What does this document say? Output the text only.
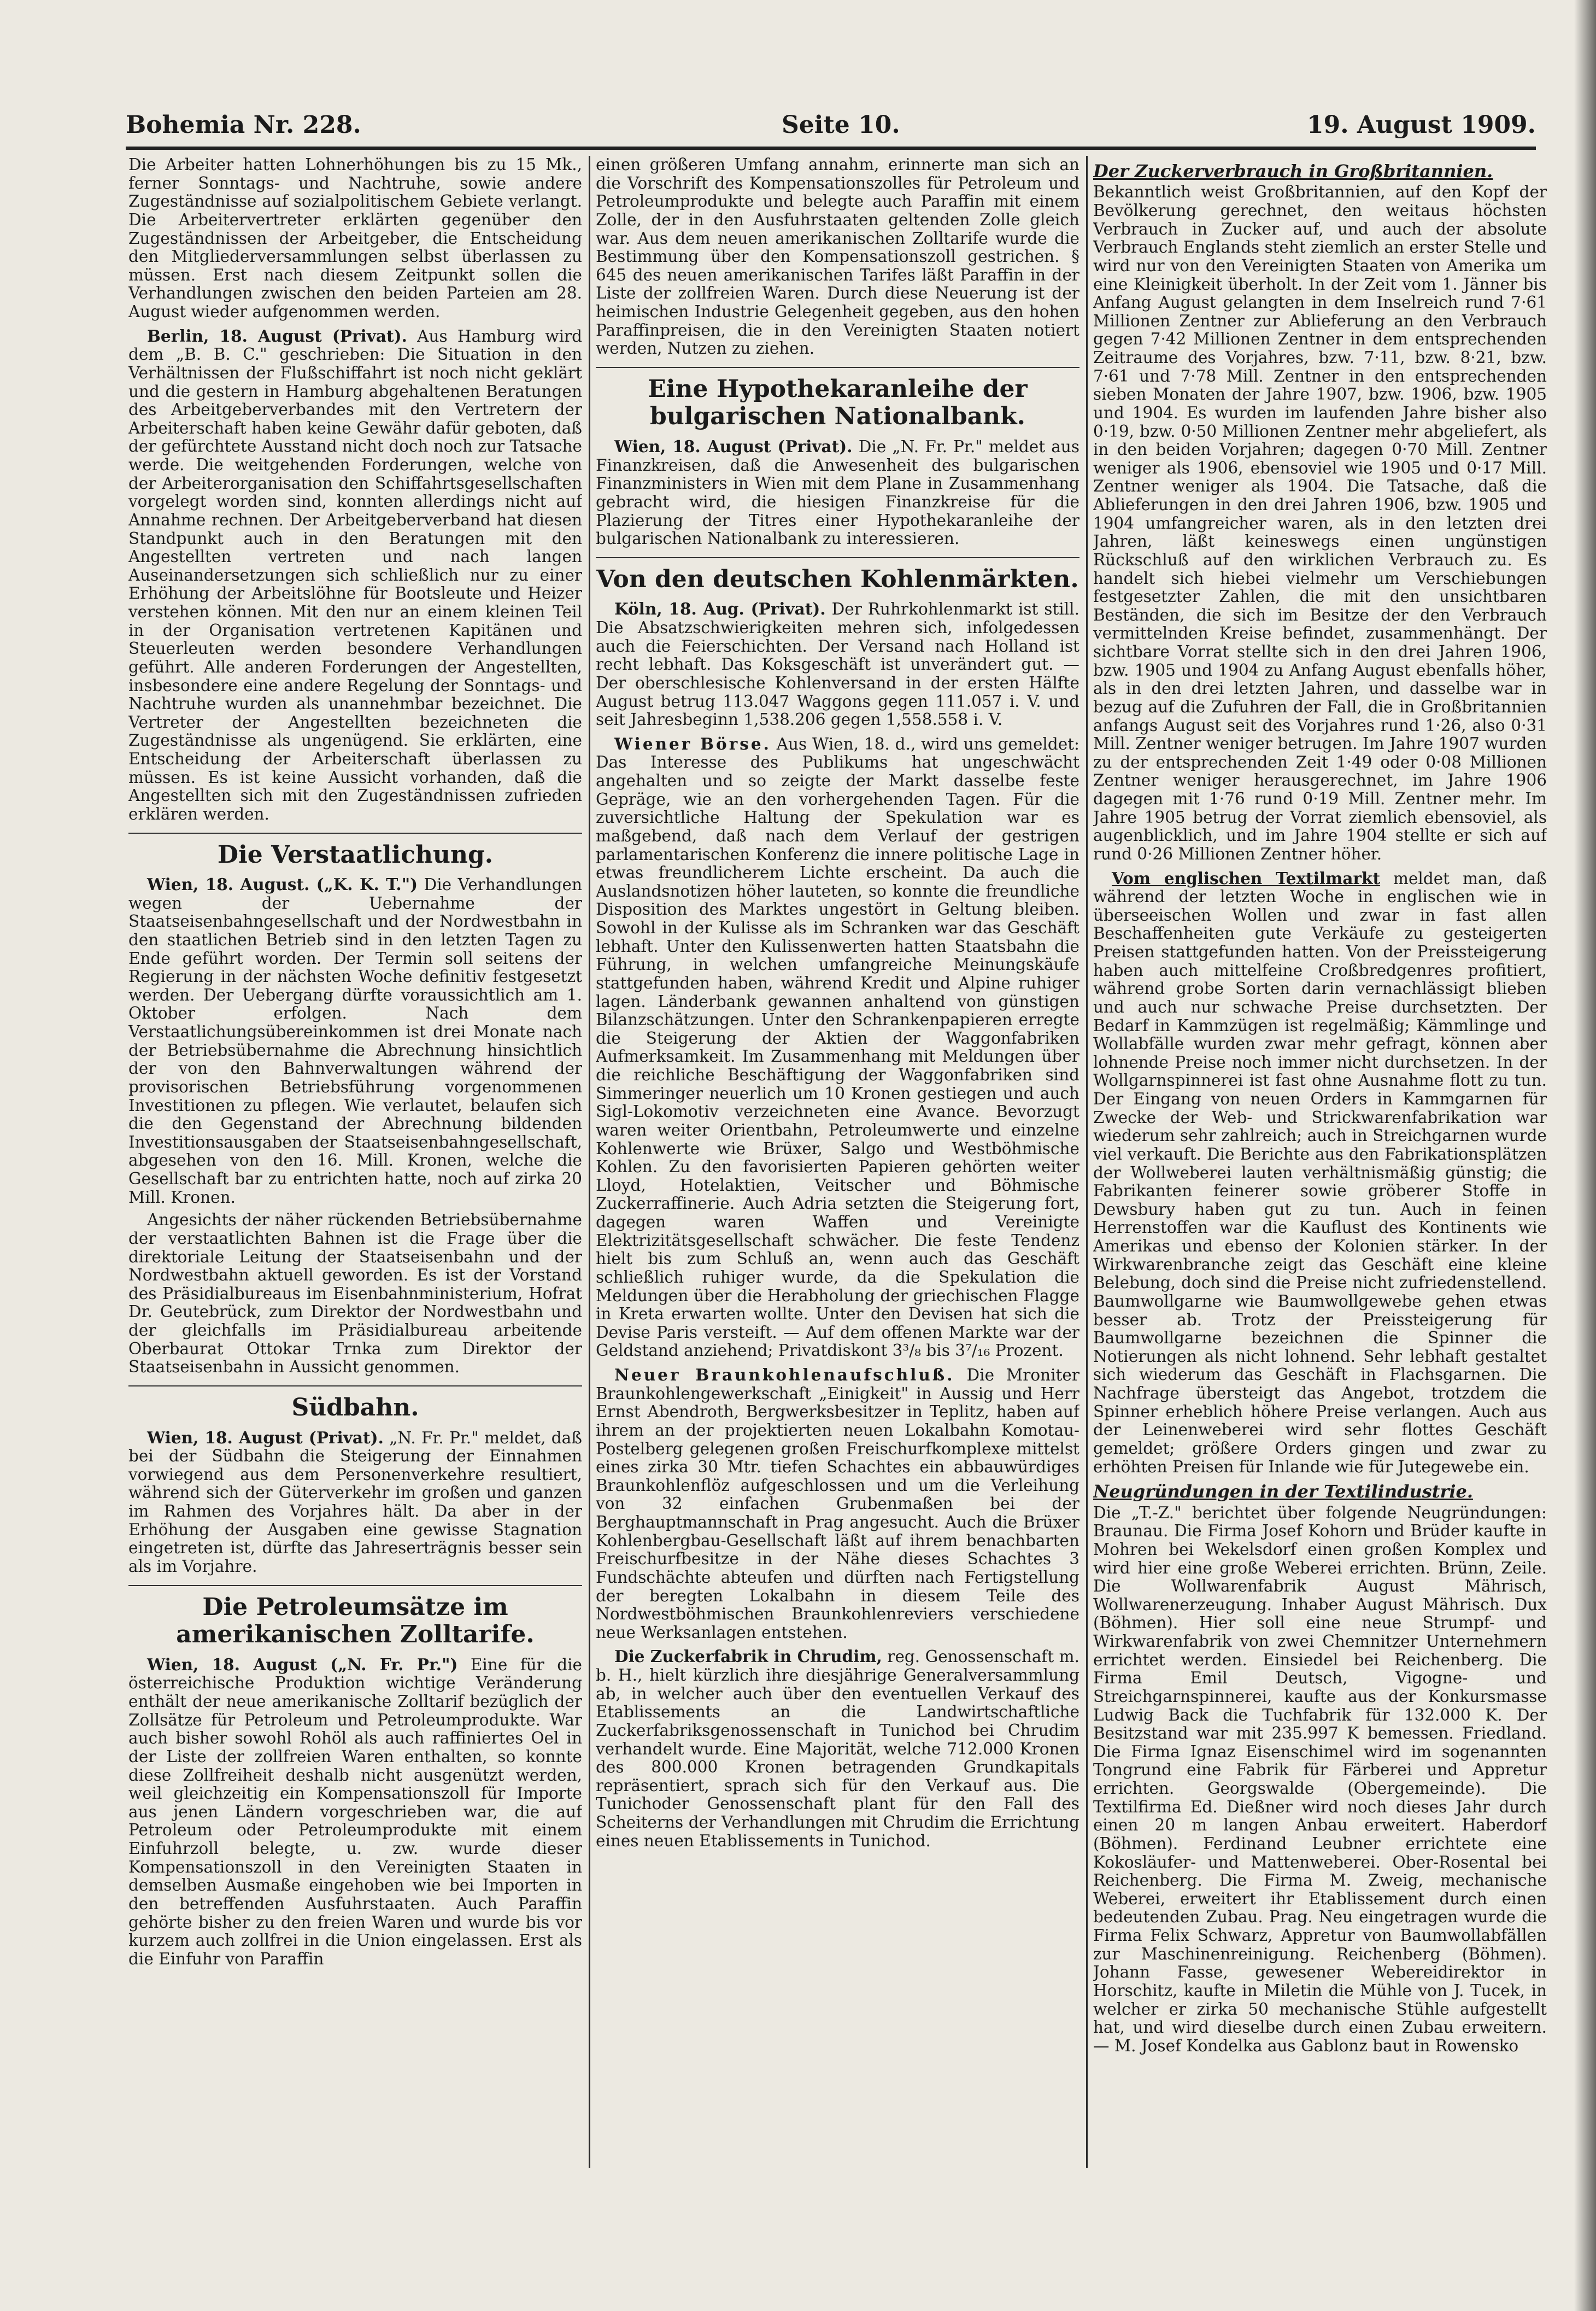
Bohemia Nr. 228.	Seite 10.	19. August 1909.

Die Arbeiter hatten Lohnerhöhungen bis zu 15 Mk., ferner Sonntags- und Nachtruhe, sowie andere Zugeständnisse auf sozialpolitischem Gebiete verlangt. Die Arbeitervertreter erklärten gegenüber den Zugeständnissen der Arbeitgeber, die Entscheidung den Mitgliederversammlungen selbst überlassen zu müssen. Erst nach diesem Zeitpunkt sollen die Verhandlungen zwischen den beiden Parteien am 28. August wieder aufgenommen werden.

Berlin, 18. August (Privat). Aus Hamburg wird dem „B. B. C." geschrieben: Die Situation in den Verhältnissen der Flußschiffahrt ist noch nicht geklärt und die gestern in Hamburg abgehaltenen Beratungen des Arbeitgeberverbandes mit den Vertretern der Arbeiterschaft haben keine Gewähr dafür geboten, daß der gefürchtete Ausstand nicht doch noch zur Tatsache werde. Die weitgehenden Forderungen, welche von der Arbeiterorganisation den Schiffahrtsgesellschaften vorgelegt worden sind, konnten allerdings nicht auf Annahme rechnen. Der Arbeitgeberverband hat diesen Standpunkt auch in den Beratungen mit den Angestellten vertreten und nach langen Auseinandersetzungen sich schließlich nur zu einer Erhöhung der Arbeitslöhne für Bootsleute und Heizer verstehen können. Mit den nur an einem kleinen Teil in der Organisation vertretenen Kapitänen und Steuerleuten werden besondere Verhandlungen geführt. Alle anderen Forderungen der Angestellten, insbesondere eine andere Regelung der Sonntags- und Nachtruhe wurden als unannehmbar bezeichnet. Die Vertreter der Angestellten bezeichneten die Zugeständnisse als ungenügend. Sie erklärten, eine Entscheidung der Arbeiterschaft überlassen zu müssen. Es ist keine Aussicht vorhanden, daß die Angestellten sich mit den Zugeständnissen zufrieden erklären werden.

Die Verstaatlichung.

Wien, 18. August. („K. K. T.") Die Verhandlungen wegen der Uebernahme der Staatseisenbahngesellschaft und der Nordwestbahn in den staatlichen Betrieb sind in den letzten Tagen zu Ende geführt worden. Der Termin soll seitens der Regierung in der nächsten Woche definitiv festgesetzt werden. Der Uebergang dürfte voraussichtlich am 1. Oktober erfolgen. Nach dem Verstaatlichungsübereinkommen ist drei Monate nach der Betriebsübernahme die Abrechnung hinsichtlich der von den Bahnverwaltungen während der provisorischen Betriebsführung vorgenommenen Investitionen zu pflegen. Wie verlautet, belaufen sich die den Gegenstand der Abrechnung bildenden Investitionsausgaben der Staatseisenbahngesellschaft, abgesehen von den 16. Mill. Kronen, welche die Gesellschaft bar zu entrichten hatte, noch auf zirka 20 Mill. Kronen.

Angesichts der näher rückenden Betriebsübernahme der verstaatlichten Bahnen ist die Frage über die direktoriale Leitung der Staatseisenbahn und der Nordwestbahn aktuell geworden. Es ist der Vorstand des Präsidialbureaus im Eisenbahnministerium, Hofrat Dr. Geutebrück, zum Direktor der Nordwestbahn und der gleichfalls im Präsidialbureau arbeitende Oberbaurat Ottokar Trnka zum Direktor der Staatseisenbahn in Aussicht genommen.

Südbahn.

Wien, 18. August (Privat). „N. Fr. Pr." meldet, daß bei der Südbahn die Steigerung der Einnahmen vorwiegend aus dem Personenverkehre resultiert, während sich der Güterverkehr im großen und ganzen im Rahmen des Vorjahres hält. Da aber in der Erhöhung der Ausgaben eine gewisse Stagnation eingetreten ist, dürfte das Jahreserträgnis besser sein als im Vorjahre.

Die Petroleumsätze im amerikanischen Zolltarife.

Wien, 18. August („N. Fr. Pr.") Eine für die österreichische Produktion wichtige Veränderung enthält der neue amerikanische Zolltarif bezüglich der Zollsätze für Petroleum und Petroleumprodukte. War auch bisher sowohl Rohöl als auch raffiniertes Oel in der Liste der zollfreien Waren enthalten, so konnte diese Zollfreiheit deshalb nicht ausgenützt werden, weil gleichzeitig ein Kompensationszoll für Importe aus jenen Ländern vorgeschrieben war, die auf Petroleum oder Petroleumprodukte mit einem Einfuhrzoll belegte, u. zw. wurde dieser Kompensationszoll in den Vereinigten Staaten in demselben Ausmaße eingehoben wie bei Importen in den betreffenden Ausfuhrstaaten. Auch Paraffin gehörte bisher zu den freien Waren und wurde bis vor kurzem auch zollfrei in die Union eingelassen. Erst als die Einfuhr von Paraffin

einen größeren Umfang annahm, erinnerte man sich an die Vorschrift des Kompensationszolles für Petroleum und Petroleumprodukte und belegte auch Paraffin mit einem Zolle, der in den Ausfuhrstaaten geltenden Zolle gleich war. Aus dem neuen amerikanischen Zolltarife wurde die Bestimmung über den Kompensationszoll gestrichen. § 645 des neuen amerikanischen Tarifes läßt Paraffin in der Liste der zollfreien Waren. Durch diese Neuerung ist der heimischen Industrie Gelegenheit gegeben, aus den hohen Paraffinpreisen, die in den Vereinigten Staaten notiert werden, Nutzen zu ziehen.

Eine Hypothekaranleihe der bulgarischen Nationalbank.

Wien, 18. August (Privat). Die „N. Fr. Pr." meldet aus Finanzkreisen, daß die Anwesenheit des bulgarischen Finanzministers in Wien mit dem Plane in Zusammenhang gebracht wird, die hiesigen Finanzkreise für die Plazierung der Titres einer Hypothekaranleihe der bulgarischen Nationalbank zu interessieren.

Von den deutschen Kohlenmärkten.

Köln, 18. Aug. (Privat). Der Ruhrkohlenmarkt ist still. Die Absatzschwierigkeiten mehren sich, infolgedessen auch die Feierschichten. Der Versand nach Holland ist recht lebhaft. Das Koksgeschäft ist unverändert gut. — Der oberschlesische Kohlenversand in der ersten Hälfte August betrug 113.047 Waggons gegen 111.057 i. V. und seit Jahresbeginn 1,538.206 gegen 1,558.558 i. V.

Wiener Börse. Aus Wien, 18. d., wird uns gemeldet: Das Interesse des Publikums hat ungeschwächt angehalten und so zeigte der Markt dasselbe feste Gepräge, wie an den vorhergehenden Tagen. Für die zuversichtliche Haltung der Spekulation war es maßgebend, daß nach dem Verlauf der gestrigen parlamentarischen Konferenz die innere politische Lage in etwas freundlicherem Lichte erscheint. Da auch die Auslandsnotizen höher lauteten, so konnte die freundliche Disposition des Marktes ungestört in Geltung bleiben. Sowohl in der Kulisse als im Schranken war das Geschäft lebhaft. Unter den Kulissenwerten hatten Staatsbahn die Führung, in welchen umfangreiche Meinungskäufe stattgefunden haben, während Kredit und Alpine ruhiger lagen. Länderbank gewannen anhaltend von günstigen Bilanzschätzungen. Unter den Schrankenpapieren erregte die Steigerung der Aktien der Waggonfabriken Aufmerksamkeit. Im Zusammenhang mit Meldungen über die reichliche Beschäftigung der Waggonfabriken sind Simmeringer neuerlich um 10 Kronen gestiegen und auch Sigl-Lokomotiv verzeichneten eine Avance. Bevorzugt waren weiter Orientbahn, Petroleumwerte und einzelne Kohlenwerte wie Brüxer, Salgo und Westböhmische Kohlen. Zu den favorisierten Papieren gehörten weiter Lloyd, Hotelaktien, Veitscher und Böhmische Zuckerraffinerie. Auch Adria setzten die Steigerung fort, dagegen waren Waffen und Vereinigte Elektrizitätsgesellschaft schwächer. Die feste Tendenz hielt bis zum Schluß an, wenn auch das Geschäft schließlich ruhiger wurde, da die Spekulation die Meldungen über die Herabholung der griechischen Flagge in Kreta erwarten wollte. Unter den Devisen hat sich die Devise Paris versteift. — Auf dem offenen Markte war der Geldstand anziehend; Privatdiskont 3³/₈ bis 3⁷/₁₆ Prozent.

Neuer Braunkohlenaufschluß. Die Mroniter Braunkohlengewerkschaft „Einigkeit" in Aussig und Herr Ernst Abendroth, Bergwerksbesitzer in Teplitz, haben auf ihrem an der projektierten neuen Lokalbahn Komotau-Postelberg gelegenen großen Freischurfkomplexe mittelst eines zirka 30 Mtr. tiefen Schachtes ein abbauwürdiges Braunkohlenflöz aufgeschlossen und um die Verleihung von 32 einfachen Grubenmaßen bei der Berghauptmannschaft in Prag angesucht. Auch die Brüxer Kohlenbergbau-Gesellschaft läßt auf ihrem benachbarten Freischurfbesitze in der Nähe dieses Schachtes 3 Fundschächte abteufen und dürften nach Fertigstellung der beregten Lokalbahn in diesem Teile des Nordwestböhmischen Braunkohlenreviers verschiedene neue Werksanlagen entstehen.

Die Zuckerfabrik in Chrudim, reg. Genossenschaft m. b. H., hielt kürzlich ihre diesjährige Generalversammlung ab, in welcher auch über den eventuellen Verkauf des Etablissements an die Landwirtschaftliche Zuckerfabriksgenossenschaft in Tunichod bei Chrudim verhandelt wurde. Eine Majorität, welche 712.000 Kronen des 800.000 Kronen betragenden Grundkapitals repräsentiert, sprach sich für den Verkauf aus. Die Tunichoder Genossenschaft plant für den Fall des Scheiterns der Verhandlungen mit Chrudim die Errichtung eines neuen Etablissements in Tunichod.

Der Zuckerverbrauch in Großbritannien.

Bekanntlich weist Großbritannien, auf den Kopf der Bevölkerung gerechnet, den weitaus höchsten Verbrauch in Zucker auf, und auch der absolute Verbrauch Englands steht ziemlich an erster Stelle und wird nur von den Vereinigten Staaten von Amerika um eine Kleinigkeit überholt. In der Zeit vom 1. Jänner bis Anfang August gelangten in dem Inselreich rund 7·61 Millionen Zentner zur Ablieferung an den Verbrauch gegen 7·42 Millionen Zentner in dem entsprechenden Zeitraume des Vorjahres, bzw. 7·11, bzw. 8·21, bzw. 7·61 und 7·78 Mill. Zentner in den entsprechenden sieben Monaten der Jahre 1907, bzw. 1906, bzw. 1905 und 1904. Es wurden im laufenden Jahre bisher also 0·19, bzw. 0·50 Millionen Zentner mehr abgeliefert, als in den beiden Vorjahren; dagegen 0·70 Mill. Zentner weniger als 1906, ebensoviel wie 1905 und 0·17 Mill. Zentner weniger als 1904. Die Tatsache, daß die Ablieferungen in den drei Jahren 1906, bzw. 1905 und 1904 umfangreicher waren, als in den letzten drei Jahren, läßt keineswegs einen ungünstigen Rückschluß auf den wirklichen Verbrauch zu. Es handelt sich hiebei vielmehr um Verschiebungen festgesetzter Zahlen, die mit den unsichtbaren Beständen, die sich im Besitze der den Verbrauch vermittelnden Kreise befindet, zusammenhängt. Der sichtbare Vorrat stellte sich in den drei Jahren 1906, bzw. 1905 und 1904 zu Anfang August ebenfalls höher, als in den drei letzten Jahren, und dasselbe war in bezug auf die Zufuhren der Fall, die in Großbritannien anfangs August seit des Vorjahres rund 1·26, also 0·31 Mill. Zentner weniger betrugen. Im Jahre 1907 wurden zu der entsprechenden Zeit 1·49 oder 0·08 Millionen Zentner weniger herausgerechnet, im Jahre 1906 dagegen mit 1·76 rund 0·19 Mill. Zentner mehr. Im Jahre 1905 betrug der Vorrat ziemlich ebensoviel, als augenblicklich, und im Jahre 1904 stellte er sich auf rund 0·26 Millionen Zentner höher.

Vom englischen Textilmarkt meldet man, daß während der letzten Woche in englischen wie in überseeischen Wollen und zwar in fast allen Beschaffenheiten gute Verkäufe zu gesteigerten Preisen stattgefunden hatten. Von der Preissteigerung haben auch mittelfeine Croßbredgenres profitiert, während grobe Sorten darin vernachlässigt blieben und auch nur schwache Preise durchsetzten. Der Bedarf in Kammzügen ist regelmäßig; Kämmlinge und Wollabfälle wurden zwar mehr gefragt, können aber lohnende Preise noch immer nicht durchsetzen. In der Wollgarnspinnerei ist fast ohne Ausnahme flott zu tun. Der Eingang von neuen Orders in Kammgarnen für Zwecke der Web- und Strickwarenfabrikation war wiederum sehr zahlreich; auch in Streichgarnen wurde viel verkauft. Die Berichte aus den Fabrikationsplätzen der Wollweberei lauten verhältnismäßig günstig; die Fabrikanten feinerer sowie gröberer Stoffe in Dewsbury haben gut zu tun. Auch in feinen Herrenstoffen war die Kauflust des Kontinents wie Amerikas und ebenso der Kolonien stärker. In der Wirkwarenbranche zeigt das Geschäft eine kleine Belebung, doch sind die Preise nicht zufriedenstellend. Baumwollgarne wie Baumwollgewebe gehen etwas besser ab. Trotz der Preissteigerung für Baumwollgarne bezeichnen die Spinner die Notierungen als nicht lohnend. Sehr lebhaft gestaltet sich wiederum das Geschäft in Flachsgarnen. Die Nachfrage übersteigt das Angebot, trotzdem die Spinner erheblich höhere Preise verlangen. Auch aus der Leinenweberei wird sehr flottes Geschäft gemeldet; größere Orders gingen und zwar zu erhöhten Preisen für Inlande wie für Jutegewebe ein.

Neugründungen in der Textilindustrie.

Die „T.-Z." berichtet über folgende Neugründungen: Braunau. Die Firma Josef Kohorn und Brüder kaufte in Mohren bei Wekelsdorf einen großen Komplex und wird hier eine große Weberei errichten. Brünn, Zeile. Die Wollwarenfabrik August Mährisch, Wollwarenerzeugung. Inhaber August Mährisch. Dux (Böhmen). Hier soll eine neue Strumpf- und Wirkwarenfabrik von zwei Chemnitzer Unternehmern errichtet werden. Einsiedel bei Reichenberg. Die Firma Emil Deutsch, Vigogne- und Streichgarnspinnerei, kaufte aus der Konkursmasse Ludwig Back die Tuchfabrik für 132.000 K. Der Besitzstand war mit 235.997 K bemessen. Friedland. Die Firma Ignaz Eisenschimel wird im sogenannten Tongrund eine Fabrik für Färberei und Appretur errichten. Georgswalde (Obergemeinde). Die Textilfirma Ed. Dießner wird noch dieses Jahr durch einen 20 m langen Anbau erweitert. Haberdorf (Böhmen). Ferdinand Leubner errichtete eine Kokosläufer- und Mattenweberei. Ober-Rosental bei Reichenberg. Die Firma M. Zweig, mechanische Weberei, erweitert ihr Etablissement durch einen bedeutenden Zubau. Prag. Neu eingetragen wurde die Firma Felix Schwarz, Appretur von Baumwollabfällen zur Maschinenreinigung. Reichenberg (Böhmen). Johann Fasse, gewesener Webereidirektor in Horschitz, kaufte in Miletin die Mühle von J. Tucek, in welcher er zirka 50 mechanische Stühle aufgestellt hat, und wird dieselbe durch einen Zubau erweitern. — M. Josef Kondelka aus Gablonz baut in Rowensko
